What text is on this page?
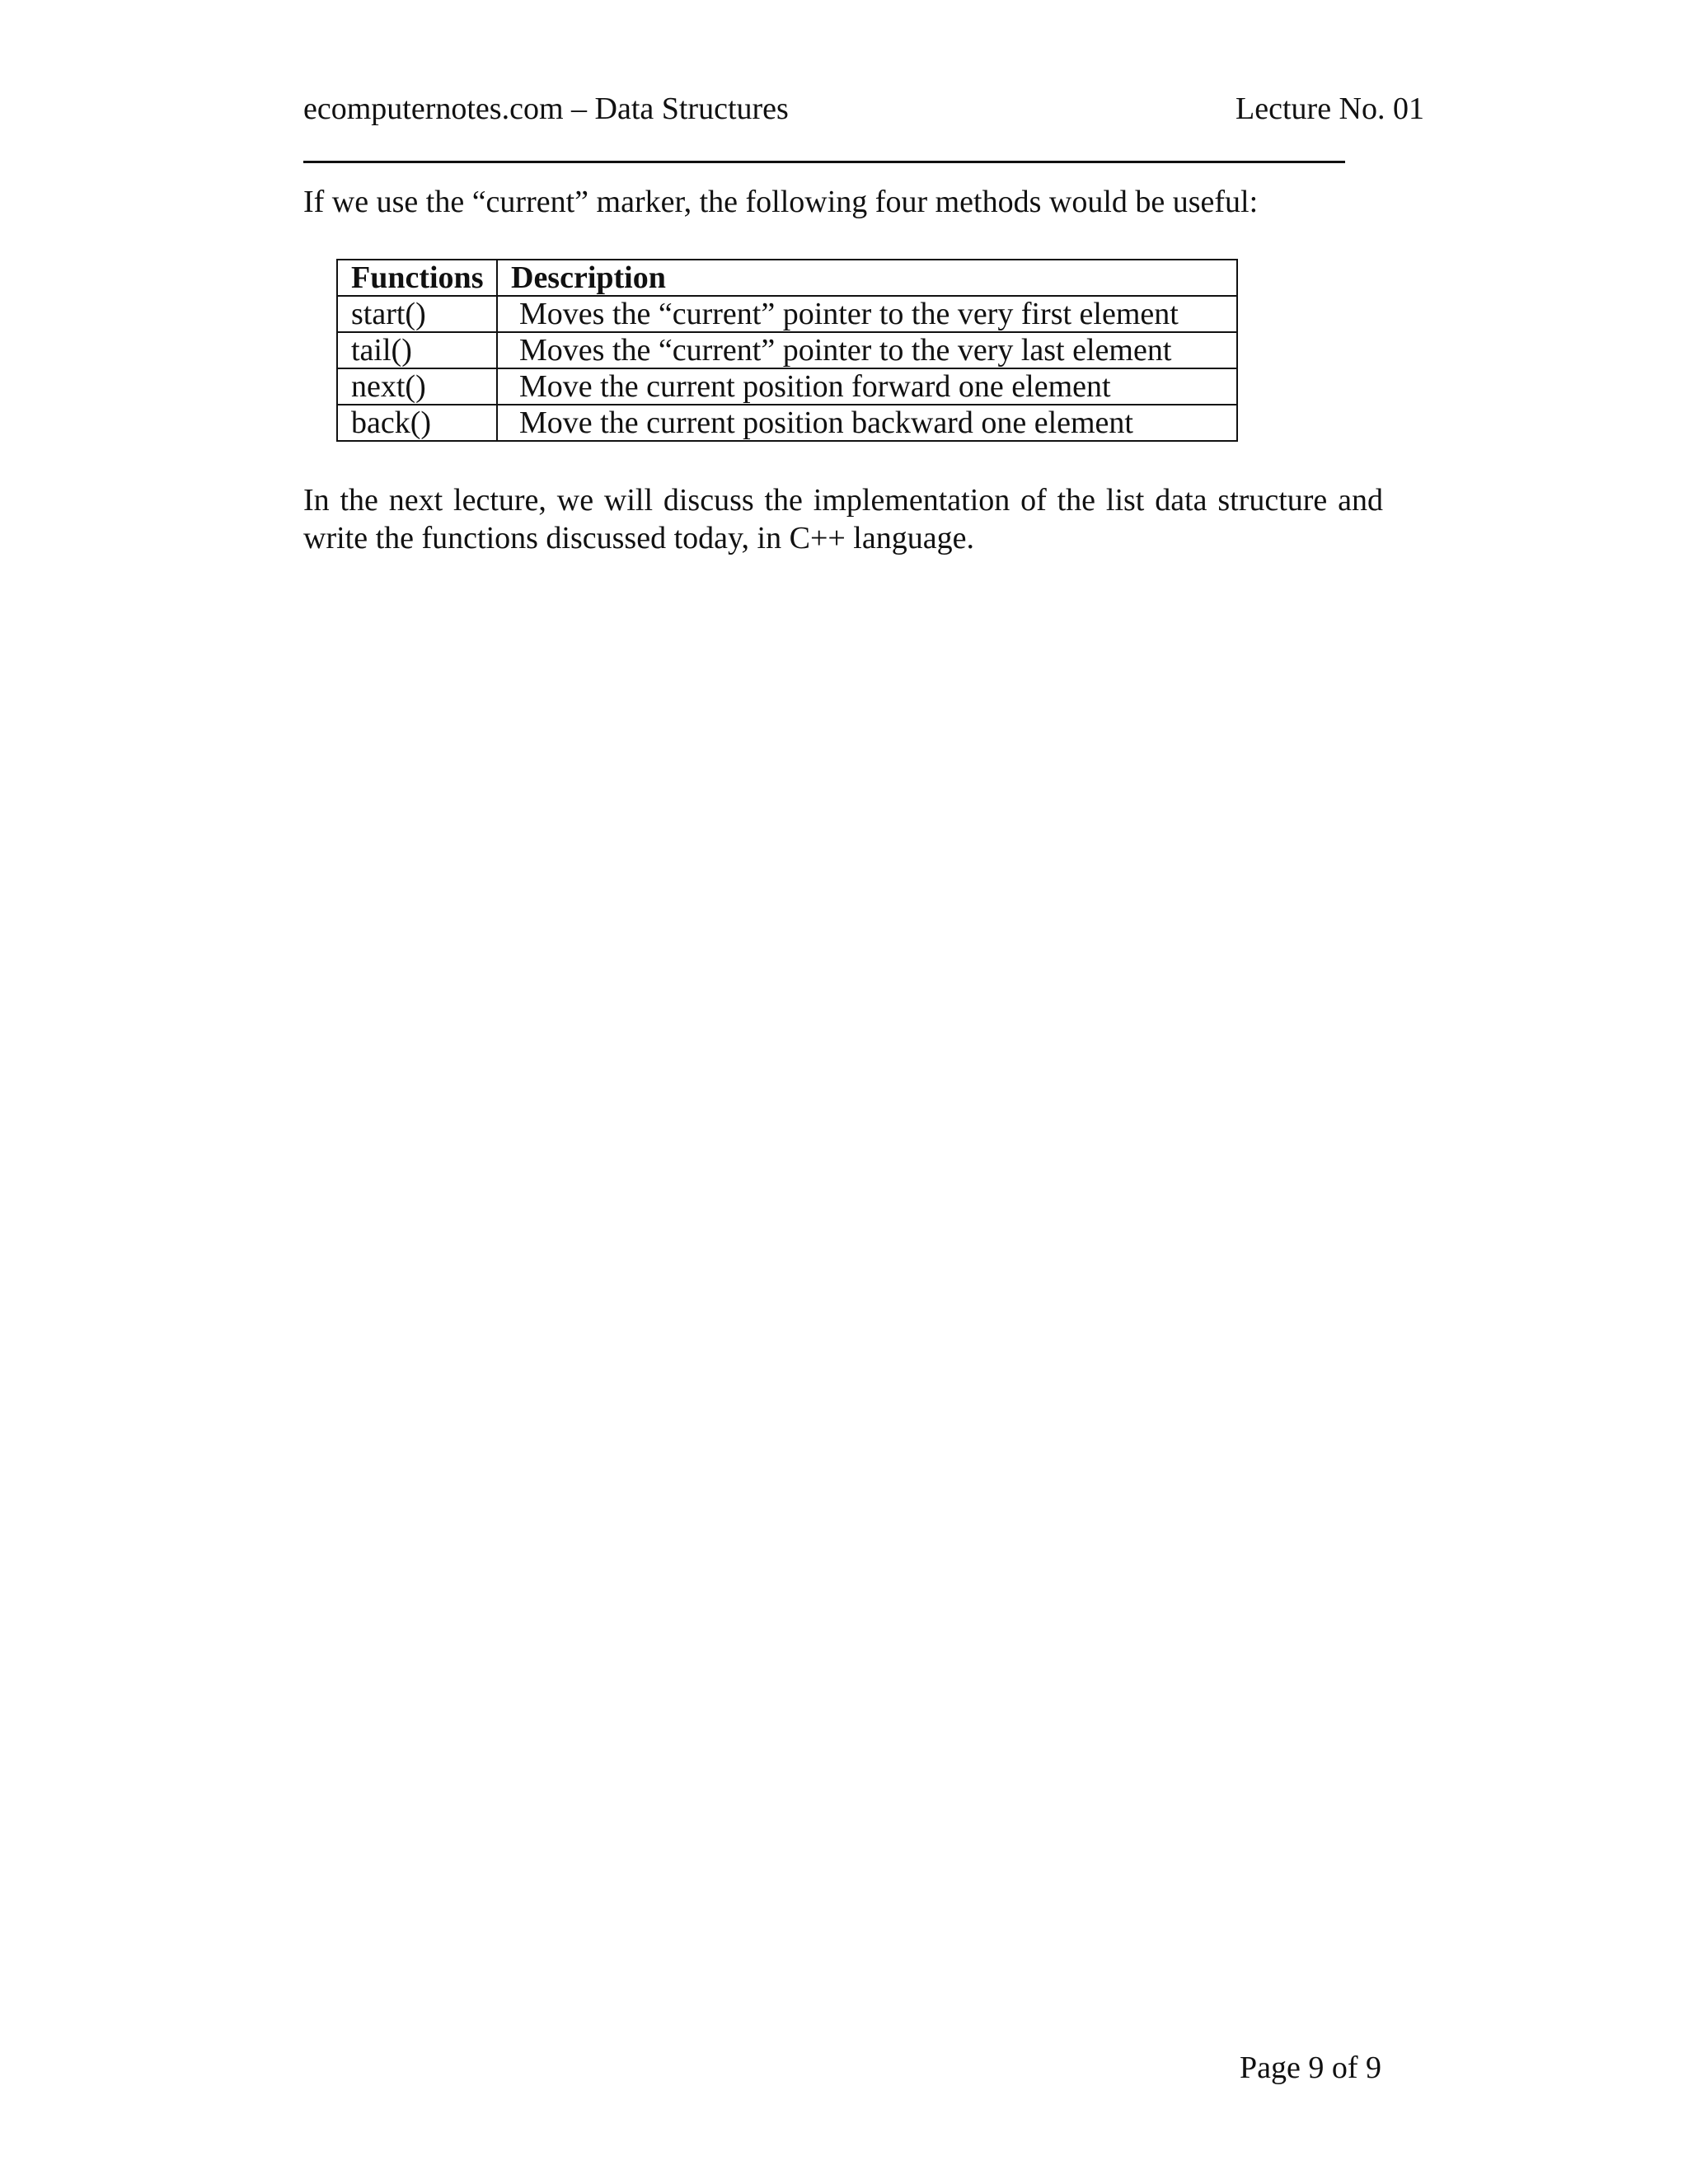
ecomputernotes.com – Data Structures	Lecture No. 01
If we use the “current” marker, the following four methods would be useful:
Functions	Description
start()	Moves the “current” pointer to the very first element
tail()	Moves the “current” pointer to the very last element
next()	Move the current position forward one element
back()	Move the current position backward one element
In the next lecture, we will discuss the implementation of the list data structure and write the functions discussed today, in C++ language.
Page 9 of 9
